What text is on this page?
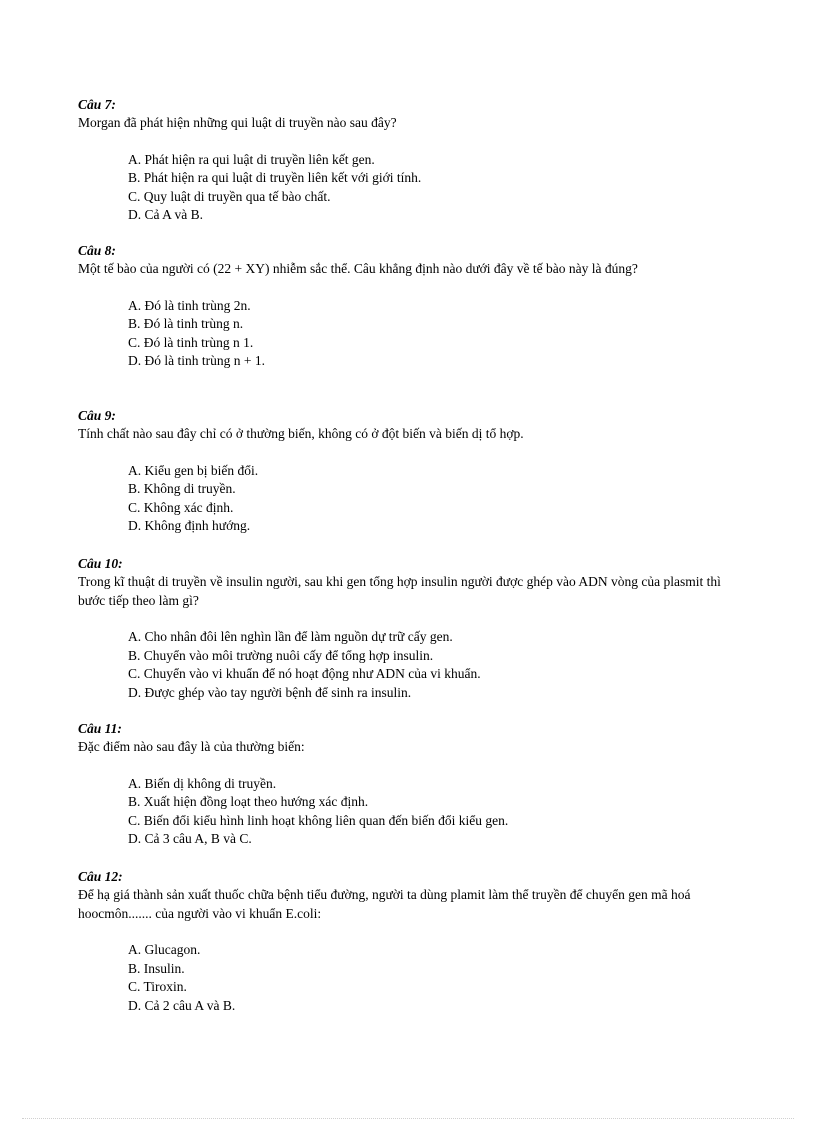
Câu 7:
Morgan đã phát hiện những qui luật di truyền nào sau đây?
A. Phát hiện ra qui luật di truyền liên kết gen.
B. Phát hiện ra qui luật di truyền liên kết với giới tính.
C. Quy luật di truyền qua tế bào chất.
D. Cả A và B.
Câu 8:
Một tế bào của người có (22 + XY) nhiễm sắc thể. Câu khẳng định nào dưới đây về tế bào này là đúng?
A. Đó là tinh trùng 2n.
B. Đó là tinh trùng n.
C. Đó là tinh trùng n 1.
D. Đó là tinh trùng n + 1.
Câu 9:
Tính chất nào sau đây chỉ có ở thường biến, không có ở đột biến và biến dị tổ hợp.
A. Kiểu gen bị biến đổi.
B. Không di truyền.
C. Không xác định.
D. Không định hướng.
Câu 10:
Trong kĩ thuật di truyền về insulin người, sau khi gen tổng hợp insulin người được ghép vào ADN vòng của plasmit thì bước tiếp theo làm gì?
A. Cho nhân đôi lên nghìn lần để làm nguồn dự trữ cấy gen.
B. Chuyển vào môi trường nuôi cấy để tổng hợp insulin.
C. Chuyển vào vi khuẩn để nó hoạt động như ADN của vi khuẩn.
D. Được ghép vào tay người bệnh để sinh ra insulin.
Câu 11:
Đặc điểm nào sau đây là của thường biến:
A. Biến dị không di truyền.
B. Xuất hiện đồng loạt theo hướng xác định.
C. Biến đổi kiểu hình linh hoạt không liên quan đến biến đổi kiểu gen.
D. Cả 3 câu A, B và C.
Câu 12:
Để hạ giá thành sản xuất thuốc chữa bệnh tiểu đường, người ta dùng plamit làm thể truyền để chuyển gen mã hoá hoocmôn....... của người vào vi khuẩn E.coli:
A. Glucagon.
B. Insulin.
C. Tiroxin.
D. Cả 2 câu A và B.
